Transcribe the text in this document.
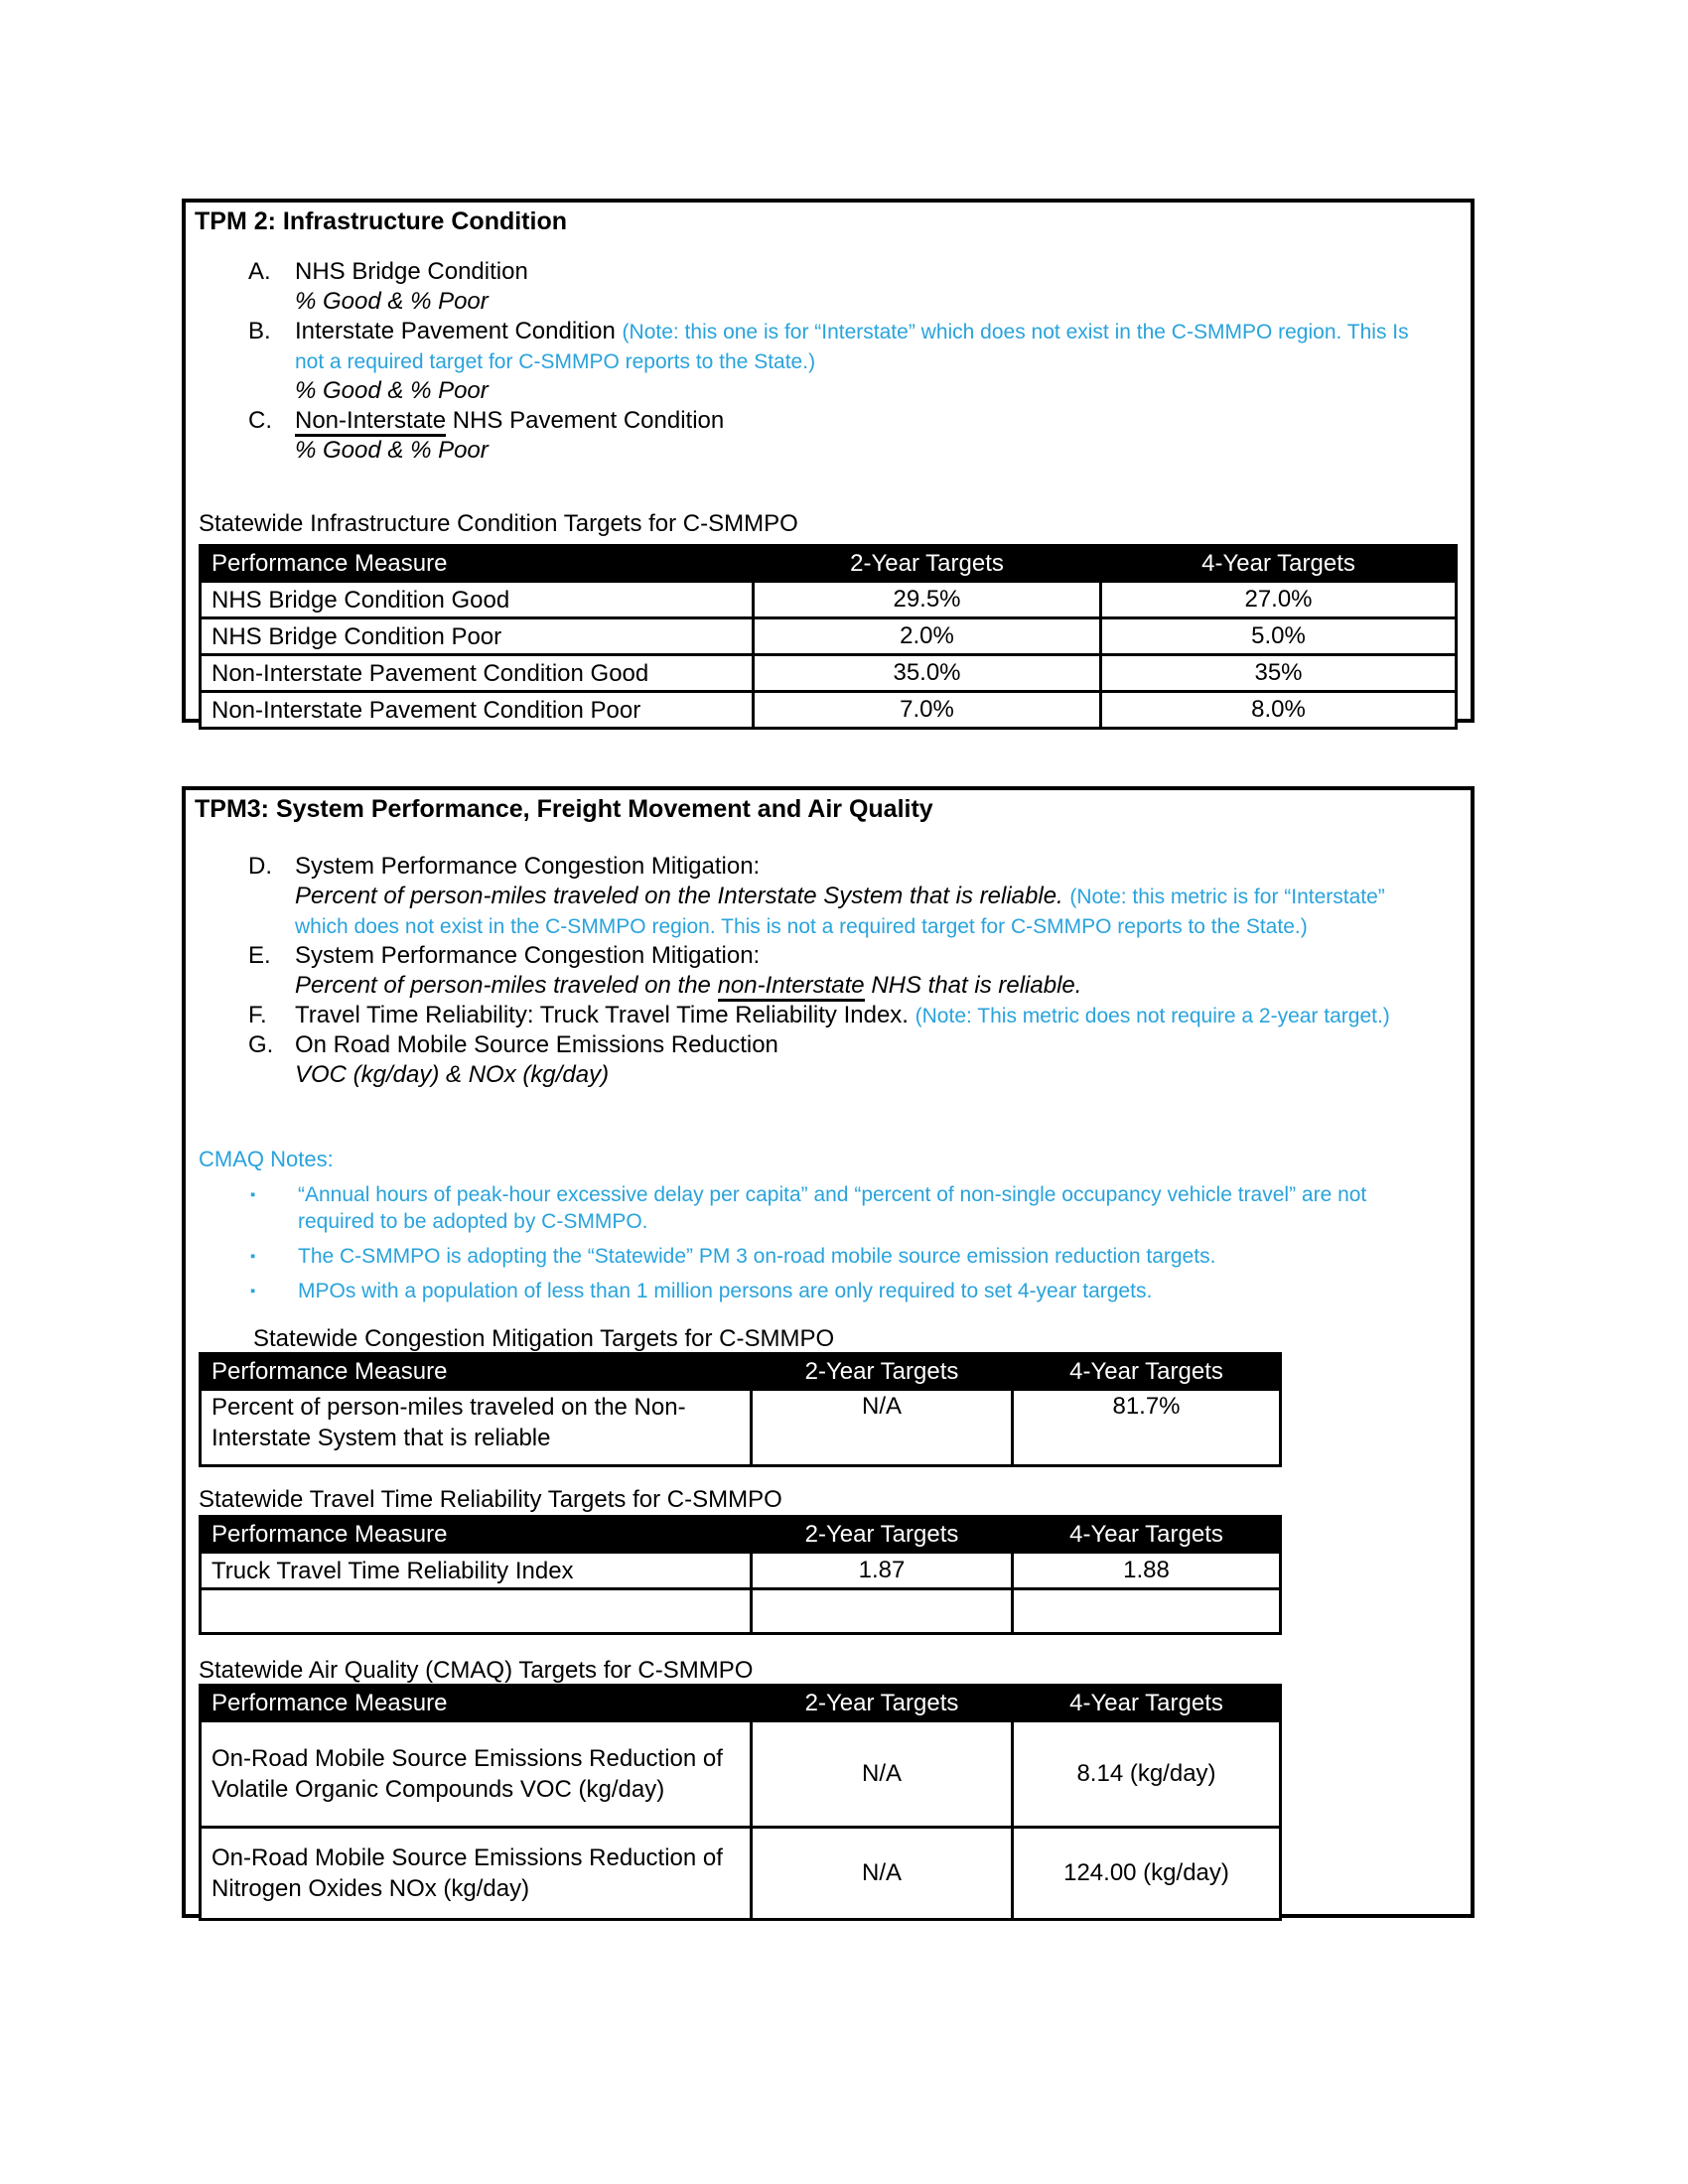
TPM 2: Infrastructure Condition
A.	NHS Bridge Condition
% Good & % Poor
B.	Interstate Pavement Condition (Note: this one is for “Interstate” which does not exist in the C-SMMPO region. This Is not a required target for C-SMMPO reports to the State.)
% Good & % Poor
C. Non-Interstate NHS Pavement Condition
% Good & % Poor
Statewide Infrastructure Condition Targets for C-SMMPO
Performance Measure	2-Year Targets	4-Year Targets
NHS Bridge Condition Good	29.5%	27.0%
NHS Bridge Condition Poor	2.0%	5.0%
Non-Interstate Pavement Condition Good	35.0%	35%
Non-Interstate Pavement Condition Poor	7.0%	8.0%
TPM3: System Performance, Freight Movement and Air Quality
D. System Performance Congestion Mitigation:
Percent of person-miles traveled on the Interstate System that is reliable. (Note: this metric is for “Interstate” which does not exist in the C-SMMPO region. This is not a required target for C-SMMPO reports to the State.)
E.	System Performance Congestion Mitigation:
Percent of person-miles traveled on the non-Interstate NHS that is reliable.
F.	Travel Time Reliability: Truck Travel Time Reliability Index. (Note: This metric does not require a 2-year target.)
G. On Road Mobile Source Emissions Reduction
VOC (kg/day) & NOx (kg/day)
CMAQ Notes:
▪	“Annual hours of peak-hour excessive delay per capita” and “percent of non-single occupancy vehicle travel” are not required to be adopted by C-SMMPO.
▪	The C-SMMPO is adopting the “Statewide” PM 3 on-road mobile source emission reduction targets.
▪	MPOs with a population of less than 1 million persons are only required to set 4-year targets.
Statewide Congestion Mitigation Targets for C-SMMPO
Performance Measure	2-Year Targets	4-Year Targets
Percent of person-miles traveled on the Non-Interstate System that is reliable	N/A	81.7%
Statewide Travel Time Reliability Targets for C-SMMPO
Performance Measure	2-Year Targets	4-Year Targets
Truck Travel Time Reliability Index	1.87	1.88

Statewide Air Quality (CMAQ) Targets for C-SMMPO
Performance Measure	2-Year Targets	4-Year Targets
On-Road Mobile Source Emissions Reduction of Volatile Organic Compounds VOC (kg/day)	N/A	8.14 (kg/day)
On-Road Mobile Source Emissions Reduction of Nitrogen Oxides NOx (kg/day)	N/A	124.00 (kg/day)
